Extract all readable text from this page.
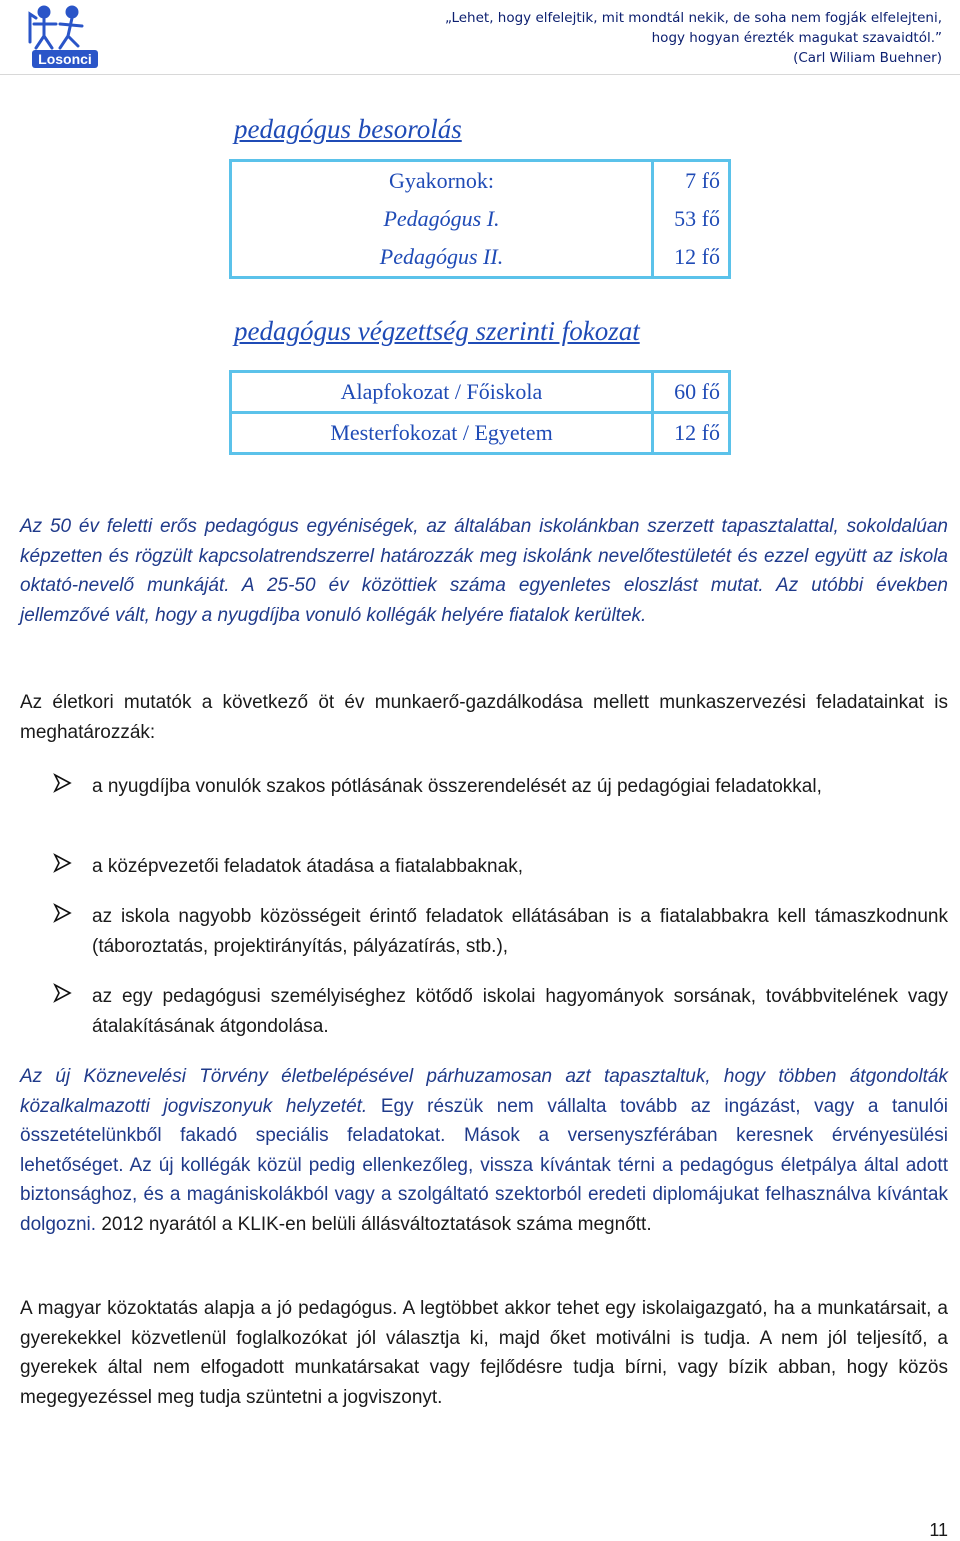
Losonci
„Lehet, hogy elfelejtik, mit mondtál nekik, de soha nem fogják elfelejteni,
hogy hogyan érezték magukat szavaidtól.”
(Carl Wiliam Buehner)
pedagógus besorolás
Gyakornok:	7 fő
Pedagógus I.	53 fő
Pedagógus II.	12 fő
pedagógus végzettség szerinti fokozat
Alapfokozat / Főiskola	60 fő
Mesterfokozat / Egyetem	12 fő
Az 50 év feletti erős pedagógus egyéniségek, az általában iskolánkban szerzett tapasztalattal, sokoldalúan képzetten és rögzült kapcsolatrendszerrel határozzák meg iskolánk nevelőtestületét és ezzel együtt az iskola oktató-nevelő munkáját. A 25-50 év közöttiek száma egyenletes eloszlást mutat. Az utóbbi években jellemzővé vált, hogy a nyugdíjba vonuló kollégák helyére fiatalok kerültek.
Az életkori mutatók a következő öt év munkaerő-gazdálkodása mellett munkaszervezési feladatainkat is meghatározzák:
a nyugdíjba vonulók szakos pótlásának összerendelését az új pedagógiai feladatokkal,
a középvezetői feladatok átadása a fiatalabbaknak,
az iskola nagyobb közösségeit érintő feladatok ellátásában is a fiatalabbakra kell támaszkodnunk (táboroztatás, projektirányítás, pályázatírás, stb.),
az egy pedagógusi személyiséghez kötődő iskolai hagyományok sorsának, továbbvitelének vagy átalakításának átgondolása.
Az új Köznevelési Törvény életbelépésével párhuzamosan azt tapasztaltuk, hogy többen átgondolták közalkalmazotti jogviszonyuk helyzetét. Egy részük nem vállalta tovább az ingázást, vagy a tanulói összetételünkből fakadó speciális feladatokat. Mások a versenyszférában keresnek érvényesülési lehetőséget. Az új kollégák közül pedig ellenkezőleg, vissza kívántak térni a pedagógus életpálya által adott biztonsághoz, és a magániskolákból vagy a szolgáltató szektorból eredeti diplomájukat felhasználva kívántak dolgozni. 2012 nyarától a KLIK-en belüli állásváltoztatások száma megnőtt.
A magyar közoktatás alapja a jó pedagógus. A legtöbbet akkor tehet egy iskolaigazgató, ha a munkatársait, a gyerekekkel közvetlenül foglalkozókat jól választja ki, majd őket motiválni is tudja. A nem jól teljesítő, a gyerekek által nem elfogadott munkatársakat vagy fejlődésre tudja bírni, vagy bízik abban, hogy közös megegyezéssel meg tudja szüntetni a jogviszonyt.
11
